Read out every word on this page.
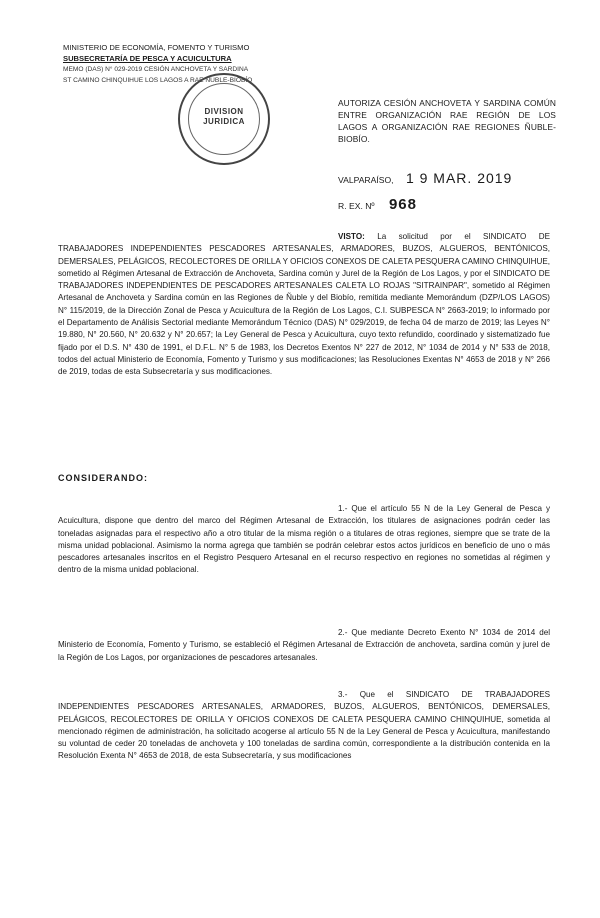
MINISTERIO DE ECONOMÍA, FOMENTO Y TURISMO
SUBSECRETARÍA DE PESCA Y ACUICULTURA
MEMO (DAS) N° 029-2019 CESIÓN ANCHOVETA Y SARDINA
ST CAMINO CHINQUIHUE LOS LAGOS A RAE ÑUBLE-BIOBÍO
DIVISION
JURIDICA
AUTORIZA CESIÓN ANCHOVETA Y SARDINA COMÚN ENTRE ORGANIZACIÓN RAE REGIÓN DE LOS LAGOS A ORGANIZACIÓN RAE REGIONES ÑUBLE-BIOBÍO.
VALPARAÍSO, 1 9 MAR. 2019
R. EX. Nº 968
VISTO: La solicitud por el SINDICATO DE TRABAJADORES INDEPENDIENTES PESCADORES ARTESANALES, ARMADORES, BUZOS, ALGUEROS, BENTÓNICOS, DEMERSALES, PELÁGICOS, RECOLECTORES DE ORILLA Y OFICIOS CONEXOS DE CALETA PESQUERA CAMINO CHINQUIHUE, sometido al Régimen Artesanal de Extracción de Anchoveta, Sardina común y Jurel de la Región de Los Lagos, y por el SINDICATO DE TRABAJADORES INDEPENDIENTES DE PESCADORES ARTESANALES CALETA LO ROJAS "SITRAINPAR", sometido al Régimen Artesanal de Anchoveta y Sardina común en las Regiones de Ñuble y del Biobío, remitida mediante Memorándum (DZP/LOS LAGOS) N° 115/2019, de la Dirección Zonal de Pesca y Acuicultura de la Región de Los Lagos, C.I. SUBPESCA N° 2663-2019; lo informado por el Departamento de Análisis Sectorial mediante Memorándum Técnico (DAS) N° 029/2019, de fecha 04 de marzo de 2019; las Leyes N° 19.880, N° 20.560, N° 20.632 y N° 20.657; la Ley General de Pesca y Acuicultura, cuyo texto refundido, coordinado y sistematizado fue fijado por el D.S. N° 430 de 1991, el D.F.L. N° 5 de 1983, los Decretos Exentos N° 227 de 2012, N° 1034 de 2014 y N° 533 de 2018, todos del actual Ministerio de Economía, Fomento y Turismo y sus modificaciones; las Resoluciones Exentas N° 4653 de 2018 y N° 266 de 2019, todas de esta Subsecretaría y sus modificaciones.
CONSIDERANDO:
1.- Que el artículo 55 N de la Ley General de Pesca y Acuicultura, dispone que dentro del marco del Régimen Artesanal de Extracción, los titulares de asignaciones podrán ceder las toneladas asignadas para el respectivo año a otro titular de la misma región o a titulares de otras regiones, siempre que se trate de la misma unidad poblacional. Asimismo la norma agrega que también se podrán celebrar estos actos jurídicos en beneficio de uno o más pescadores artesanales inscritos en el Registro Pesquero Artesanal en el recurso respectivo en regiones no sometidas al régimen y dentro de la misma unidad poblacional.
2.- Que mediante Decreto Exento N° 1034 de 2014 del Ministerio de Economía, Fomento y Turismo, se estableció el Régimen Artesanal de Extracción de anchoveta, sardina común y jurel de la Región de Los Lagos, por organizaciones de pescadores artesanales.
3.- Que el SINDICATO DE TRABAJADORES INDEPENDIENTES PESCADORES ARTESANALES, ARMADORES, BUZOS, ALGUEROS, BENTÓNICOS, DEMERSALES, PELÁGICOS, RECOLECTORES DE ORILLA Y OFICIOS CONEXOS DE CALETA PESQUERA CAMINO CHINQUIHUE, sometida al mencionado régimen de administración, ha solicitado acogerse al artículo 55 N de la Ley General de Pesca y Acuicultura, manifestando su voluntad de ceder 20 toneladas de anchoveta y 100 toneladas de sardina común, correspondiente a la distribución contenida en la Resolución Exenta N° 4653 de 2018, de esta Subsecretaría, y sus modificaciones
